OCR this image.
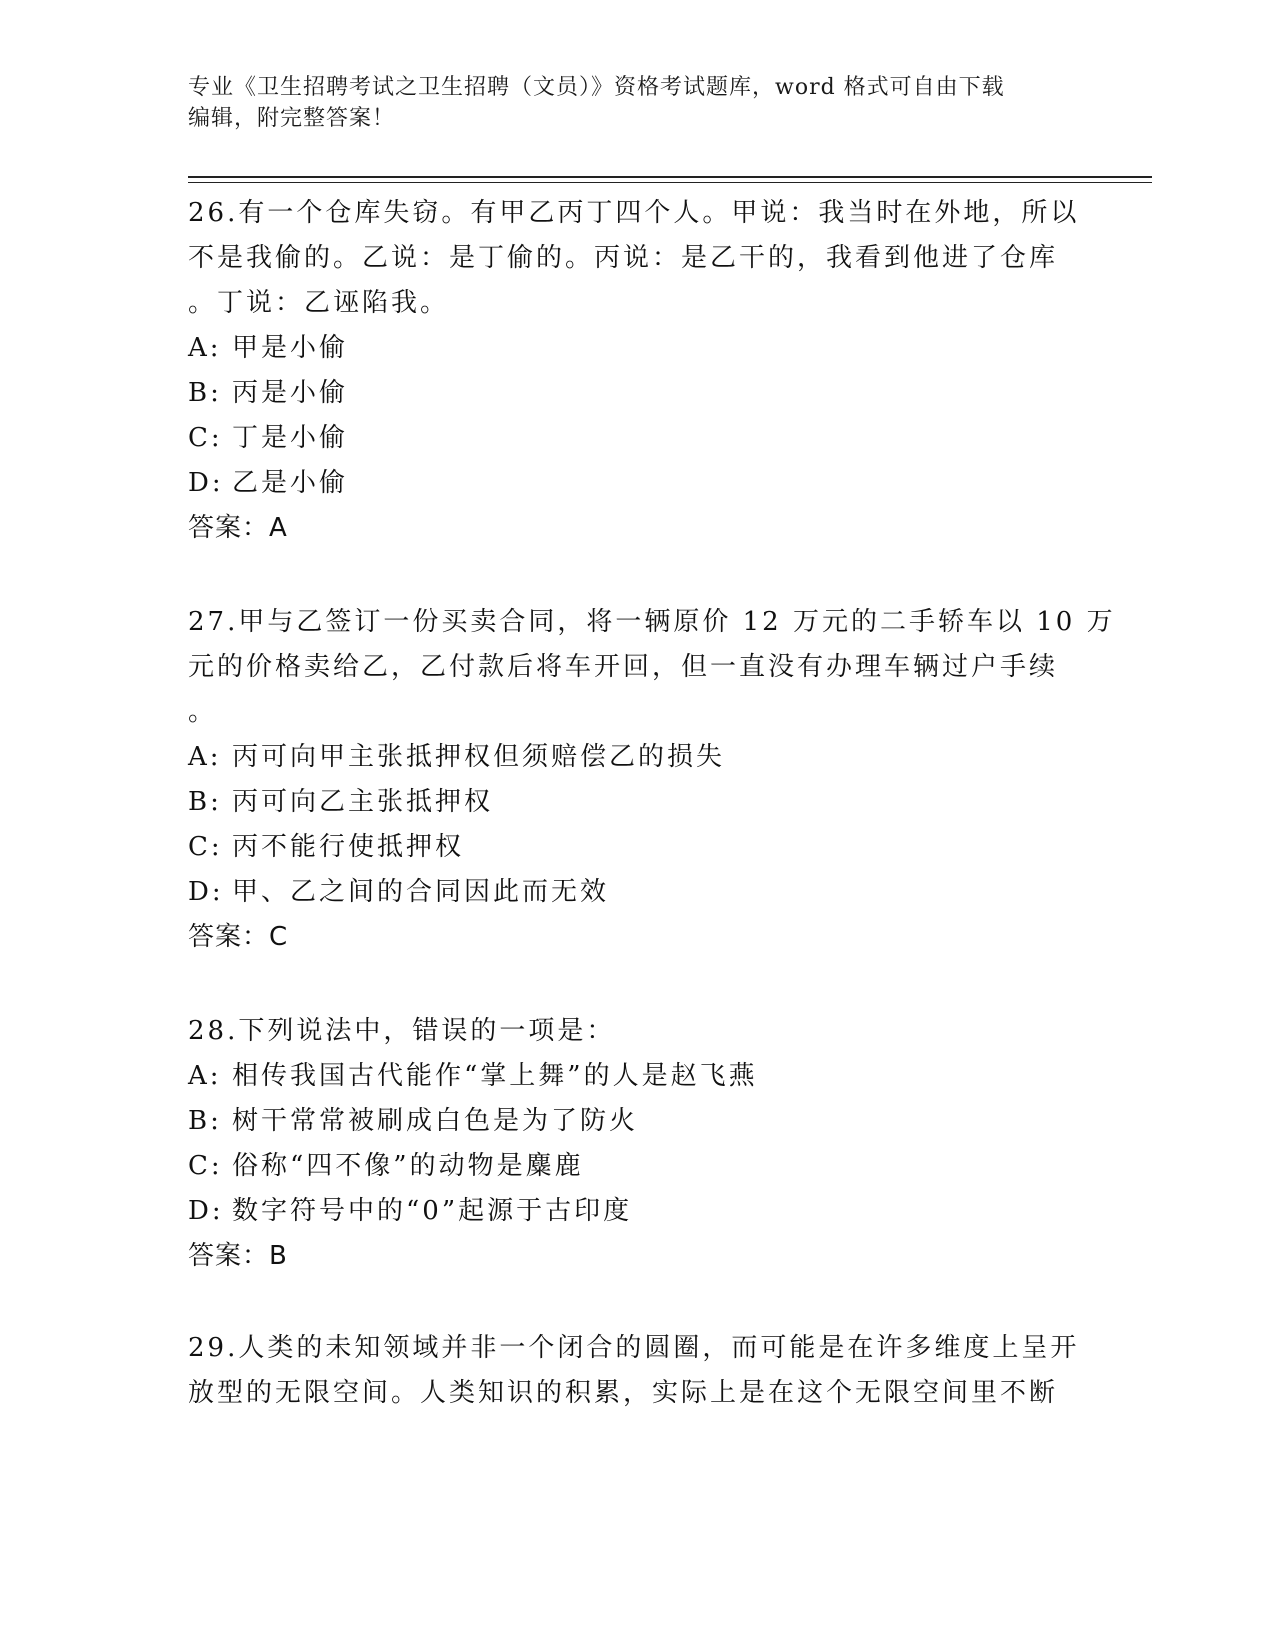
专业《卫生招聘考试之卫生招聘（文员）》资格考试题库，word 格式可自由下载
编辑，附完整答案！
26.有一个仓库失窃。有甲乙丙丁四个人。甲说：我当时在外地，所以
不是我偷的。乙说：是丁偷的。丙说：是乙干的，我看到他进了仓库
。丁说：乙诬陷我。
A: 甲是小偷
B: 丙是小偷
C: 丁是小偷
D: 乙是小偷
答案：A
27.甲与乙签订一份买卖合同，将一辆原价 12 万元的二手轿车以 10 万
元的价格卖给乙，乙付款后将车开回，但一直没有办理车辆过户手续
。
A: 丙可向甲主张抵押权但须赔偿乙的损失
B: 丙可向乙主张抵押权
C: 丙不能行使抵押权
D: 甲、乙之间的合同因此而无效
答案：C
28.下列说法中，错误的一项是：
A: 相传我国古代能作“掌上舞”的人是赵飞燕
B: 树干常常被刷成白色是为了防火
C: 俗称“四不像”的动物是麋鹿
D: 数字符号中的“0”起源于古印度
答案：B
29.人类的未知领域并非一个闭合的圆圈，而可能是在许多维度上呈开
放型的无限空间。人类知识的积累，实际上是在这个无限空间里不断
